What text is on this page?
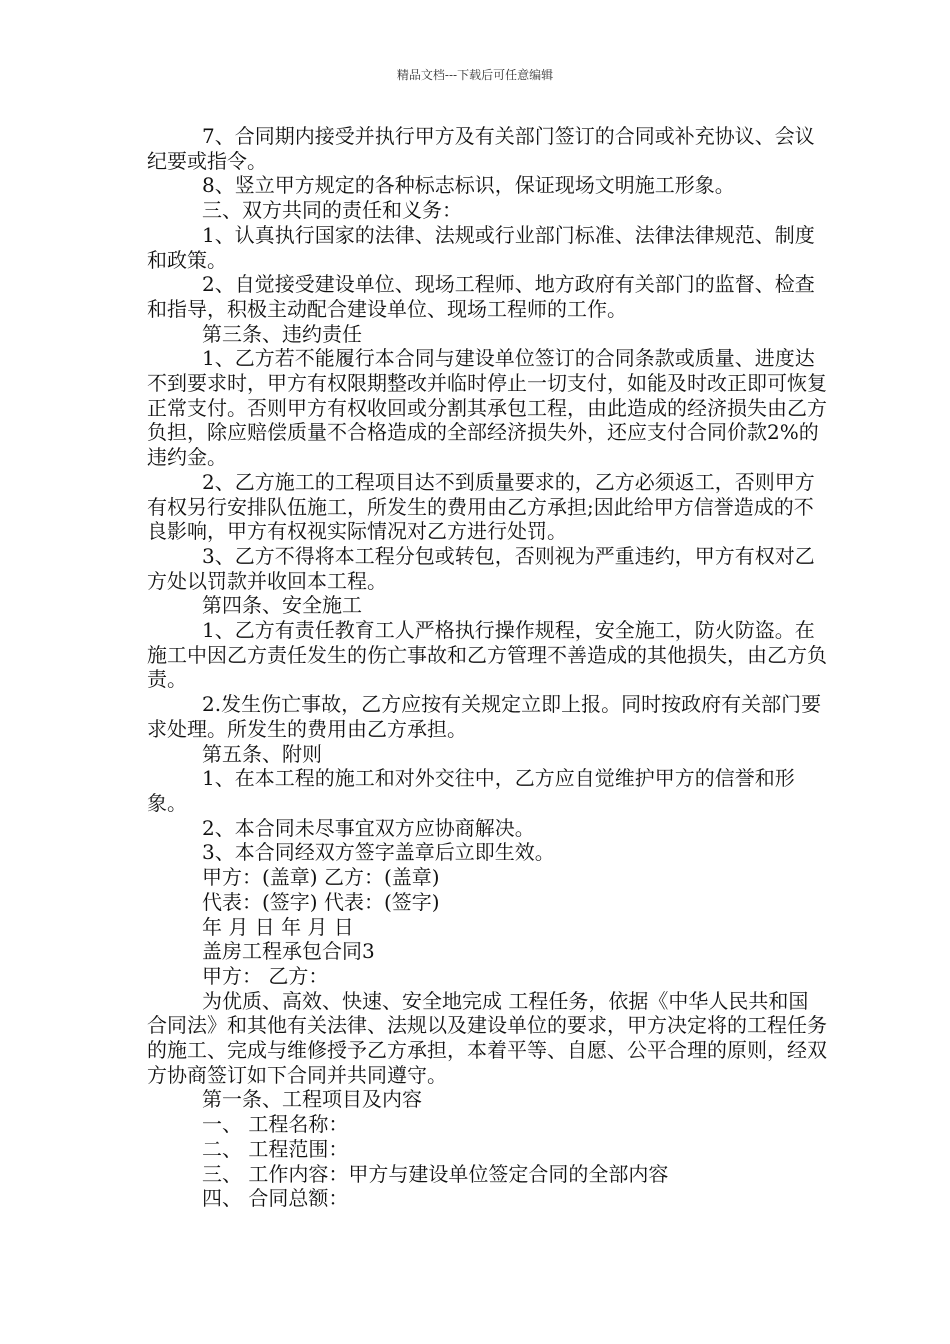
精品文档---下载后可任意编辑

7、合同期内接受并执行甲方及有关部门签订的合同或补充协议、会议纪要或指令。

8、竖立甲方规定的各种标志标识，保证现场文明施工形象。

三、双方共同的责任和义务：

1、认真执行国家的法律、法规或行业部门标准、法律法律规范、制度和政策。

2、自觉接受建设单位、现场工程师、地方政府有关部门的监督、检查和指导，积极主动配合建设单位、现场工程师的工作。

第三条、违约责任

1、乙方若不能履行本合同与建设单位签订的合同条款或质量、进度达不到要求时，甲方有权限期整改并临时停止一切支付，如能及时改正即可恢复正常支付。否则甲方有权收回或分割其承包工程，由此造成的经济损失由乙方负担，除应赔偿质量不合格造成的全部经济损失外，还应支付合同价款2%的违约金。

2、乙方施工的工程项目达不到质量要求的，乙方必须返工，否则甲方有权另行安排队伍施工，所发生的费用由乙方承担;因此给甲方信誉造成的不良影响，甲方有权视实际情况对乙方进行处罚。

3、乙方不得将本工程分包或转包，否则视为严重违约，甲方有权对乙方处以罚款并收回本工程。

第四条、安全施工

1、乙方有责任教育工人严格执行操作规程，安全施工，防火防盗。在施工中因乙方责任发生的伤亡事故和乙方管理不善造成的其他损失，由乙方负责。

2.发生伤亡事故，乙方应按有关规定立即上报。同时按政府有关部门要求处理。所发生的费用由乙方承担。

第五条、附则

1、在本工程的施工和对外交往中，乙方应自觉维护甲方的信誉和形象。

2、本合同未尽事宜双方应协商解决。

3、本合同经双方签字盖章后立即生效。

甲方：(盖章) 乙方：(盖章)

代表：(签字) 代表：(签字)

年 月 日 年 月 日

盖房工程承包合同3

甲方： 乙方：

为优质、高效、快速、安全地完成 工程任务，依据《中华人民共和国合同法》和其他有关法律、法规以及建设单位的要求，甲方决定将的工程任务的施工、完成与维修授予乙方承担，本着平等、自愿、公平合理的原则，经双方协商签订如下合同并共同遵守。

第一条、工程项目及内容

一、 工程名称：

二、 工程范围：

三、 工作内容：甲方与建设单位签定合同的全部内容

四、 合同总额：
